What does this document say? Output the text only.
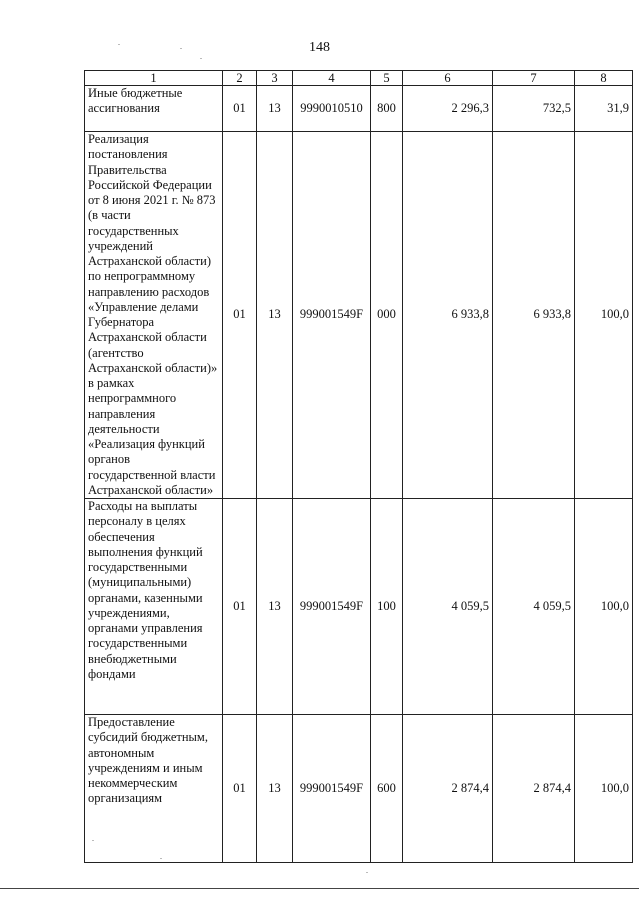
148
1	2	3	4	5	6	7	8
Иные бюджетные ассигнования	01	13	9990010510	800	2 296,3	732,5	31,9
Реализация постановления Правительства Российской Федерации от 8 июня 2021 г. № 873 (в части государственных учреждений Астраханской области) по непрограммному направлению расходов «Управление делами Губернатора Астраханской области (агентство Астраханской области)» в рамках непрограммного направления деятельности «Реализация функций органов государственной власти Астраханской области»	01	13	999001549F	000	6 933,8	6 933,8	100,0
Расходы на выплаты персоналу в целях обеспечения выполнения функций государственными (муниципальными) органами, казенными учреждениями, органами управления государственными внебюджетными фондами	01	13	999001549F	100	4 059,5	4 059,5	100,0
Предоставление субсидий бюджетным, автономным учреждениям и иным некоммерческим организациям	01	13	999001549F	600	2 874,4	2 874,4	100,0
